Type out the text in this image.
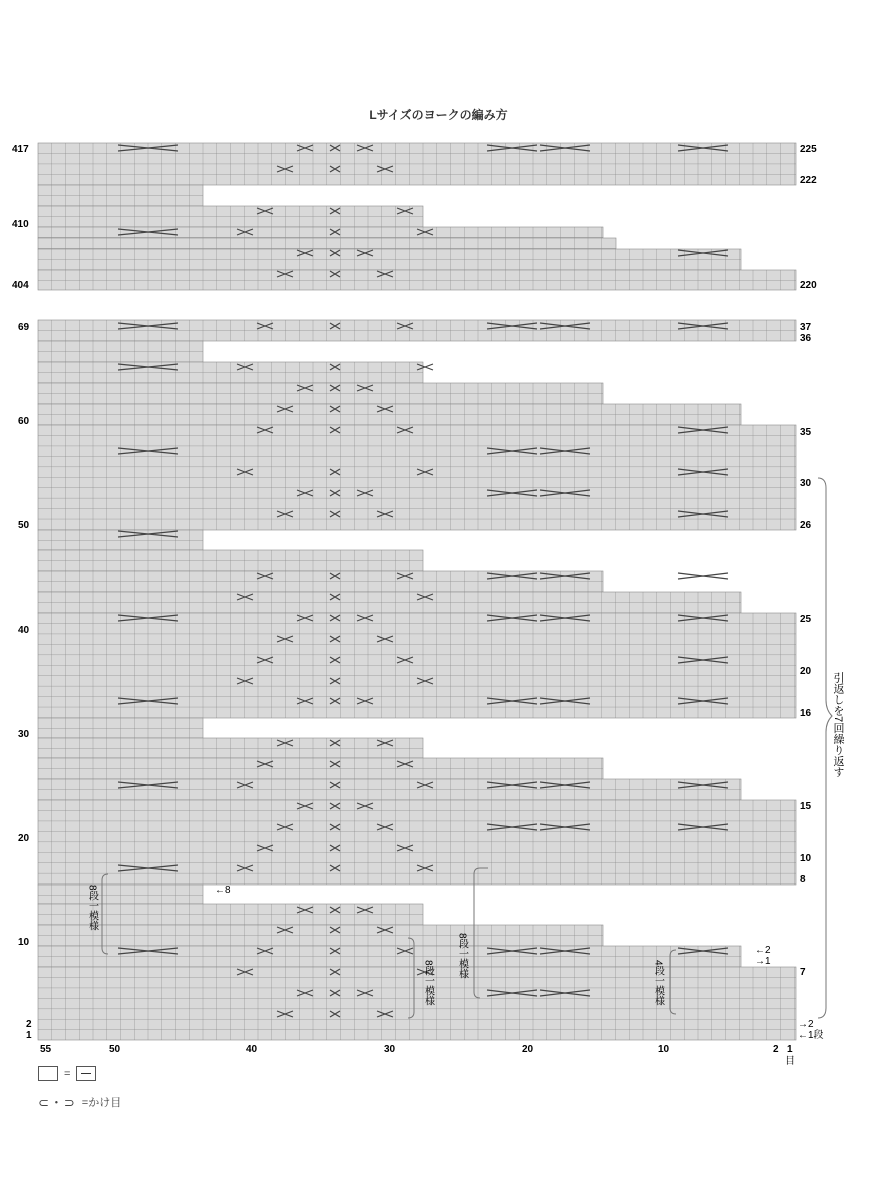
Lサイズのヨークの編み方
417
410
404
69
60
50
40
30
20
10
2
1
225
222
220
37
36
35
30
26
25
20
16
15
10
8
7
→2
←1段
55	50	40	30	20	10	2 1
目
←8
←2
→1
引返しを7回繰り返す
8段一模様
8段一模様
8段一模様
4段一模様
=
⊂・⊃ =かけ目
